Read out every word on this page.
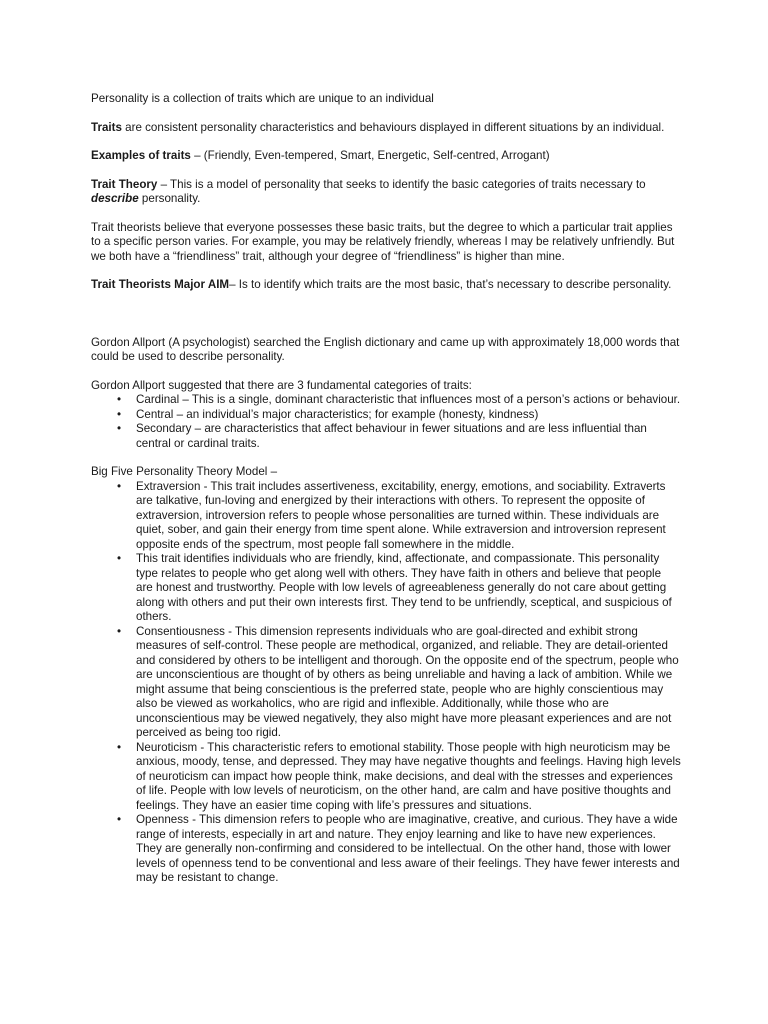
Personality is a collection of traits which are unique to an individual

Traits are consistent personality characteristics and behaviours displayed in different situations by an individual.

Examples of traits – (Friendly, Even-tempered, Smart, Energetic, Self-centred, Arrogant)

Trait Theory – This is a model of personality that seeks to identify the basic categories of traits necessary to describe personality.

Trait theorists believe that everyone possesses these basic traits, but the degree to which a particular trait applies to a specific person varies. For example, you may be relatively friendly, whereas I may be relatively unfriendly. But we both have a “friendliness” trait, although your degree of “friendliness” is higher than mine.

Trait Theorists Major AIM– Is to identify which traits are the most basic, that’s necessary to describe personality.

Gordon Allport (A psychologist) searched the English dictionary and came up with approximately 18,000 words that could be used to describe personality.

Gordon Allport suggested that there are 3 fundamental categories of traits:

• Cardinal – This is a single, dominant characteristic that influences most of a person’s actions or behaviour.
• Central – an individual’s major characteristics; for example (honesty, kindness)
• Secondary – are characteristics that affect behaviour in fewer situations and are less influential than central or cardinal traits.

Big Five Personality Theory Model –

• Extraversion - This trait includes assertiveness, excitability, energy, emotions, and sociability. Extraverts are talkative, fun-loving and energized by their interactions with others. To represent the opposite of extraversion, introversion refers to people whose personalities are turned within. These individuals are quiet, sober, and gain their energy from time spent alone. While extraversion and introversion represent opposite ends of the spectrum, most people fall somewhere in the middle.
• This trait identifies individuals who are friendly, kind, affectionate, and compassionate. This personality type relates to people who get along well with others. They have faith in others and believe that people are honest and trustworthy. People with low levels of agreeableness generally do not care about getting along with others and put their own interests first. They tend to be unfriendly, sceptical, and suspicious of others.
• Consentiousness - This dimension represents individuals who are goal-directed and exhibit strong measures of self-control. These people are methodical, organized, and reliable. They are detail-oriented and considered by others to be intelligent and thorough. On the opposite end of the spectrum, people who are unconscientious are thought of by others as being unreliable and having a lack of ambition. While we might assume that being conscientious is the preferred state, people who are highly conscientious may also be viewed as workaholics, who are rigid and inflexible. Additionally, while those who are unconscientious may be viewed negatively, they also might have more pleasant experiences and are not perceived as being too rigid.
• Neuroticism - This characteristic refers to emotional stability. Those people with high neuroticism may be anxious, moody, tense, and depressed. They may have negative thoughts and feelings. Having high levels of neuroticism can impact how people think, make decisions, and deal with the stresses and experiences of life. People with low levels of neuroticism, on the other hand, are calm and have positive thoughts and feelings. They have an easier time coping with life’s pressures and situations.
• Openness - This dimension refers to people who are imaginative, creative, and curious. They have a wide range of interests, especially in art and nature. They enjoy learning and like to have new experiences. They are generally non-confirming and considered to be intellectual. On the other hand, those with lower levels of openness tend to be conventional and less aware of their feelings. They have fewer interests and may be resistant to change.
